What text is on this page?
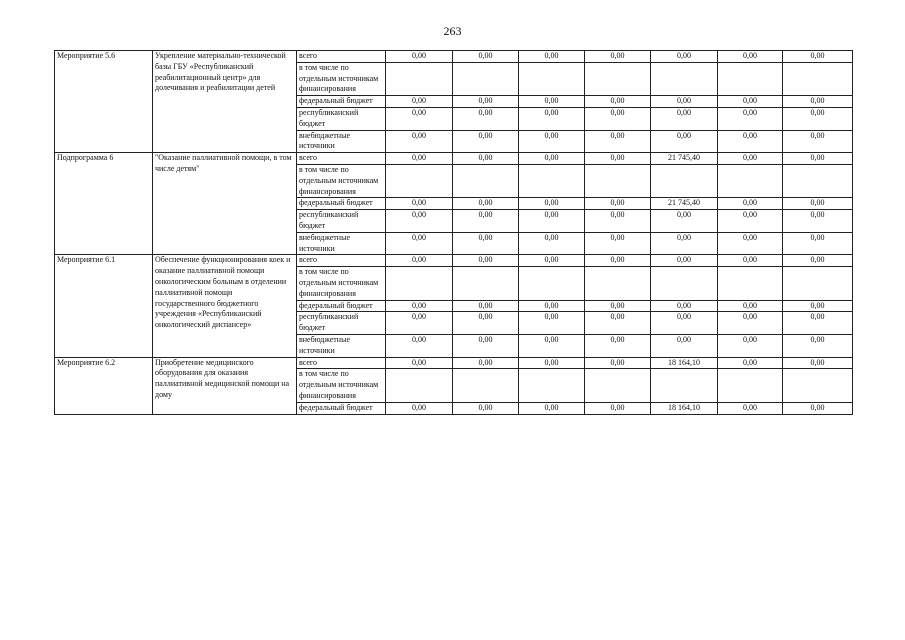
263
Мероприятие 5.6	Укрепление материально-технической базы ГБУ «Республиканский реабилитационный центр» для долечивания и реабилитации детей	всего	0,00	0,00	0,00	0,00	0,00	0,00	0,00
		в том числе по отдельным источникам финансирования							
		федеральный бюджет	0,00	0,00	0,00	0,00	0,00	0,00	0,00
		республиканский бюджет	0,00	0,00	0,00	0,00	0,00	0,00	0,00
		внебюджетные источники	0,00	0,00	0,00	0,00	0,00	0,00	0,00
Подпрограмма 6	"Оказание паллиативной помощи, в том числе детям"	всего	0,00	0,00	0,00	0,00	21 745,40	0,00	0,00
		в том числе по отдельным источникам финансирования							
		федеральный бюджет	0,00	0,00	0,00	0,00	21 745,40	0,00	0,00
		республиканский бюджет	0,00	0,00	0,00	0,00	0,00	0,00	0,00
		внебюджетные источники	0,00	0,00	0,00	0,00	0,00	0,00	0,00
Мероприятие 6.1	Обеспечение функционирования коек и оказание паллиативной помощи онкологическим больным в отделении паллиативной помощи государственного бюджетного учреждения «Республиканский онкологический диспансер»	всего	0,00	0,00	0,00	0,00	0,00	0,00	0,00
		в том числе по отдельным источникам финансирования							
		федеральный бюджет	0,00	0,00	0,00	0,00	0,00	0,00	0,00
		республиканский бюджет	0,00	0,00	0,00	0,00	0,00	0,00	0,00
		внебюджетные источники	0,00	0,00	0,00	0,00	0,00	0,00	0,00
Мероприятие 6.2	Приобретение медицинского оборудования для оказания паллиативной медицинской помощи на дому	всего	0,00	0,00	0,00	0,00	18 164,10	0,00	0,00
		в том числе по отдельным источникам финансирования							
		федеральный бюджет	0,00	0,00	0,00	0,00	18 164,10	0,00	0,00
